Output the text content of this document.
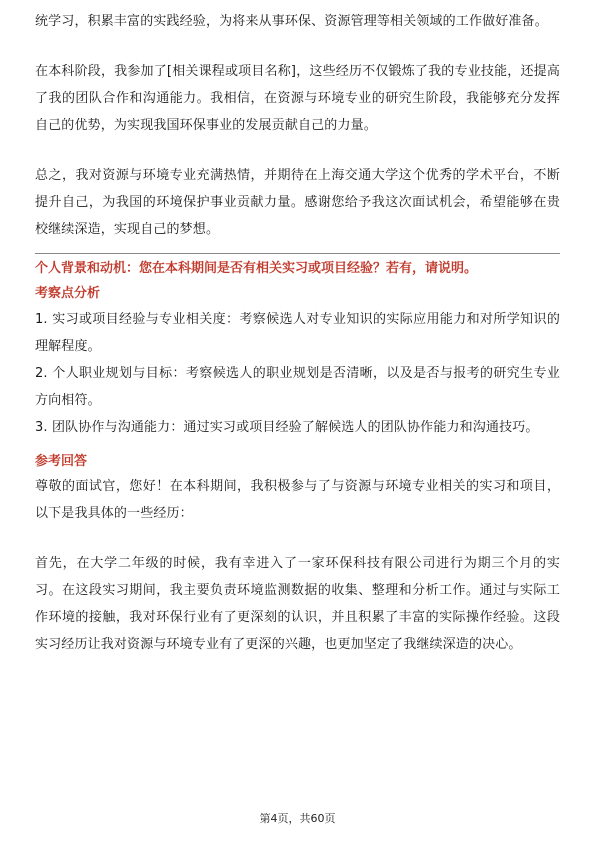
统学习，积累丰富的实践经验，为将来从事环保、资源管理等相关领域的工作做好准备。

在本科阶段，我参加了[相关课程或项目名称]，这些经历不仅锻炼了我的专业技能，还提高了我的团队合作和沟通能力。我相信，在资源与环境专业的研究生阶段，我能够充分发挥自己的优势，为实现我国环保事业的发展贡献自己的力量。

总之，我对资源与环境专业充满热情，并期待在上海交通大学这个优秀的学术平台，不断提升自己，为我国的环境保护事业贡献力量。感谢您给予我这次面试机会，希望能够在贵校继续深造，实现自己的梦想。

个人背景和动机：您在本科期间是否有相关实习或项目经验？若有，请说明。
考察点分析

1. 实习或项目经验与专业相关度：考察候选人对专业知识的实际应用能力和对所学知识的理解程度。

2. 个人职业规划与目标：考察候选人的职业规划是否清晰，以及是否与报考的研究生专业方向相符。

3. 团队协作与沟通能力：通过实习或项目经验了解候选人的团队协作能力和沟通技巧。

参考回答

尊敬的面试官，您好！在本科期间，我积极参与了与资源与环境专业相关的实习和项目，以下是我具体的一些经历：

首先，在大学二年级的时候，我有幸进入了一家环保科技有限公司进行为期三个月的实习。在这段实习期间，我主要负责环境监测数据的收集、整理和分析工作。通过与实际工作环境的接触，我对环保行业有了更深刻的认识，并且积累了丰富的实际操作经验。这段实习经历让我对资源与环境专业有了更深的兴趣，也更加坚定了我继续深造的决心。

第4页，共60页
